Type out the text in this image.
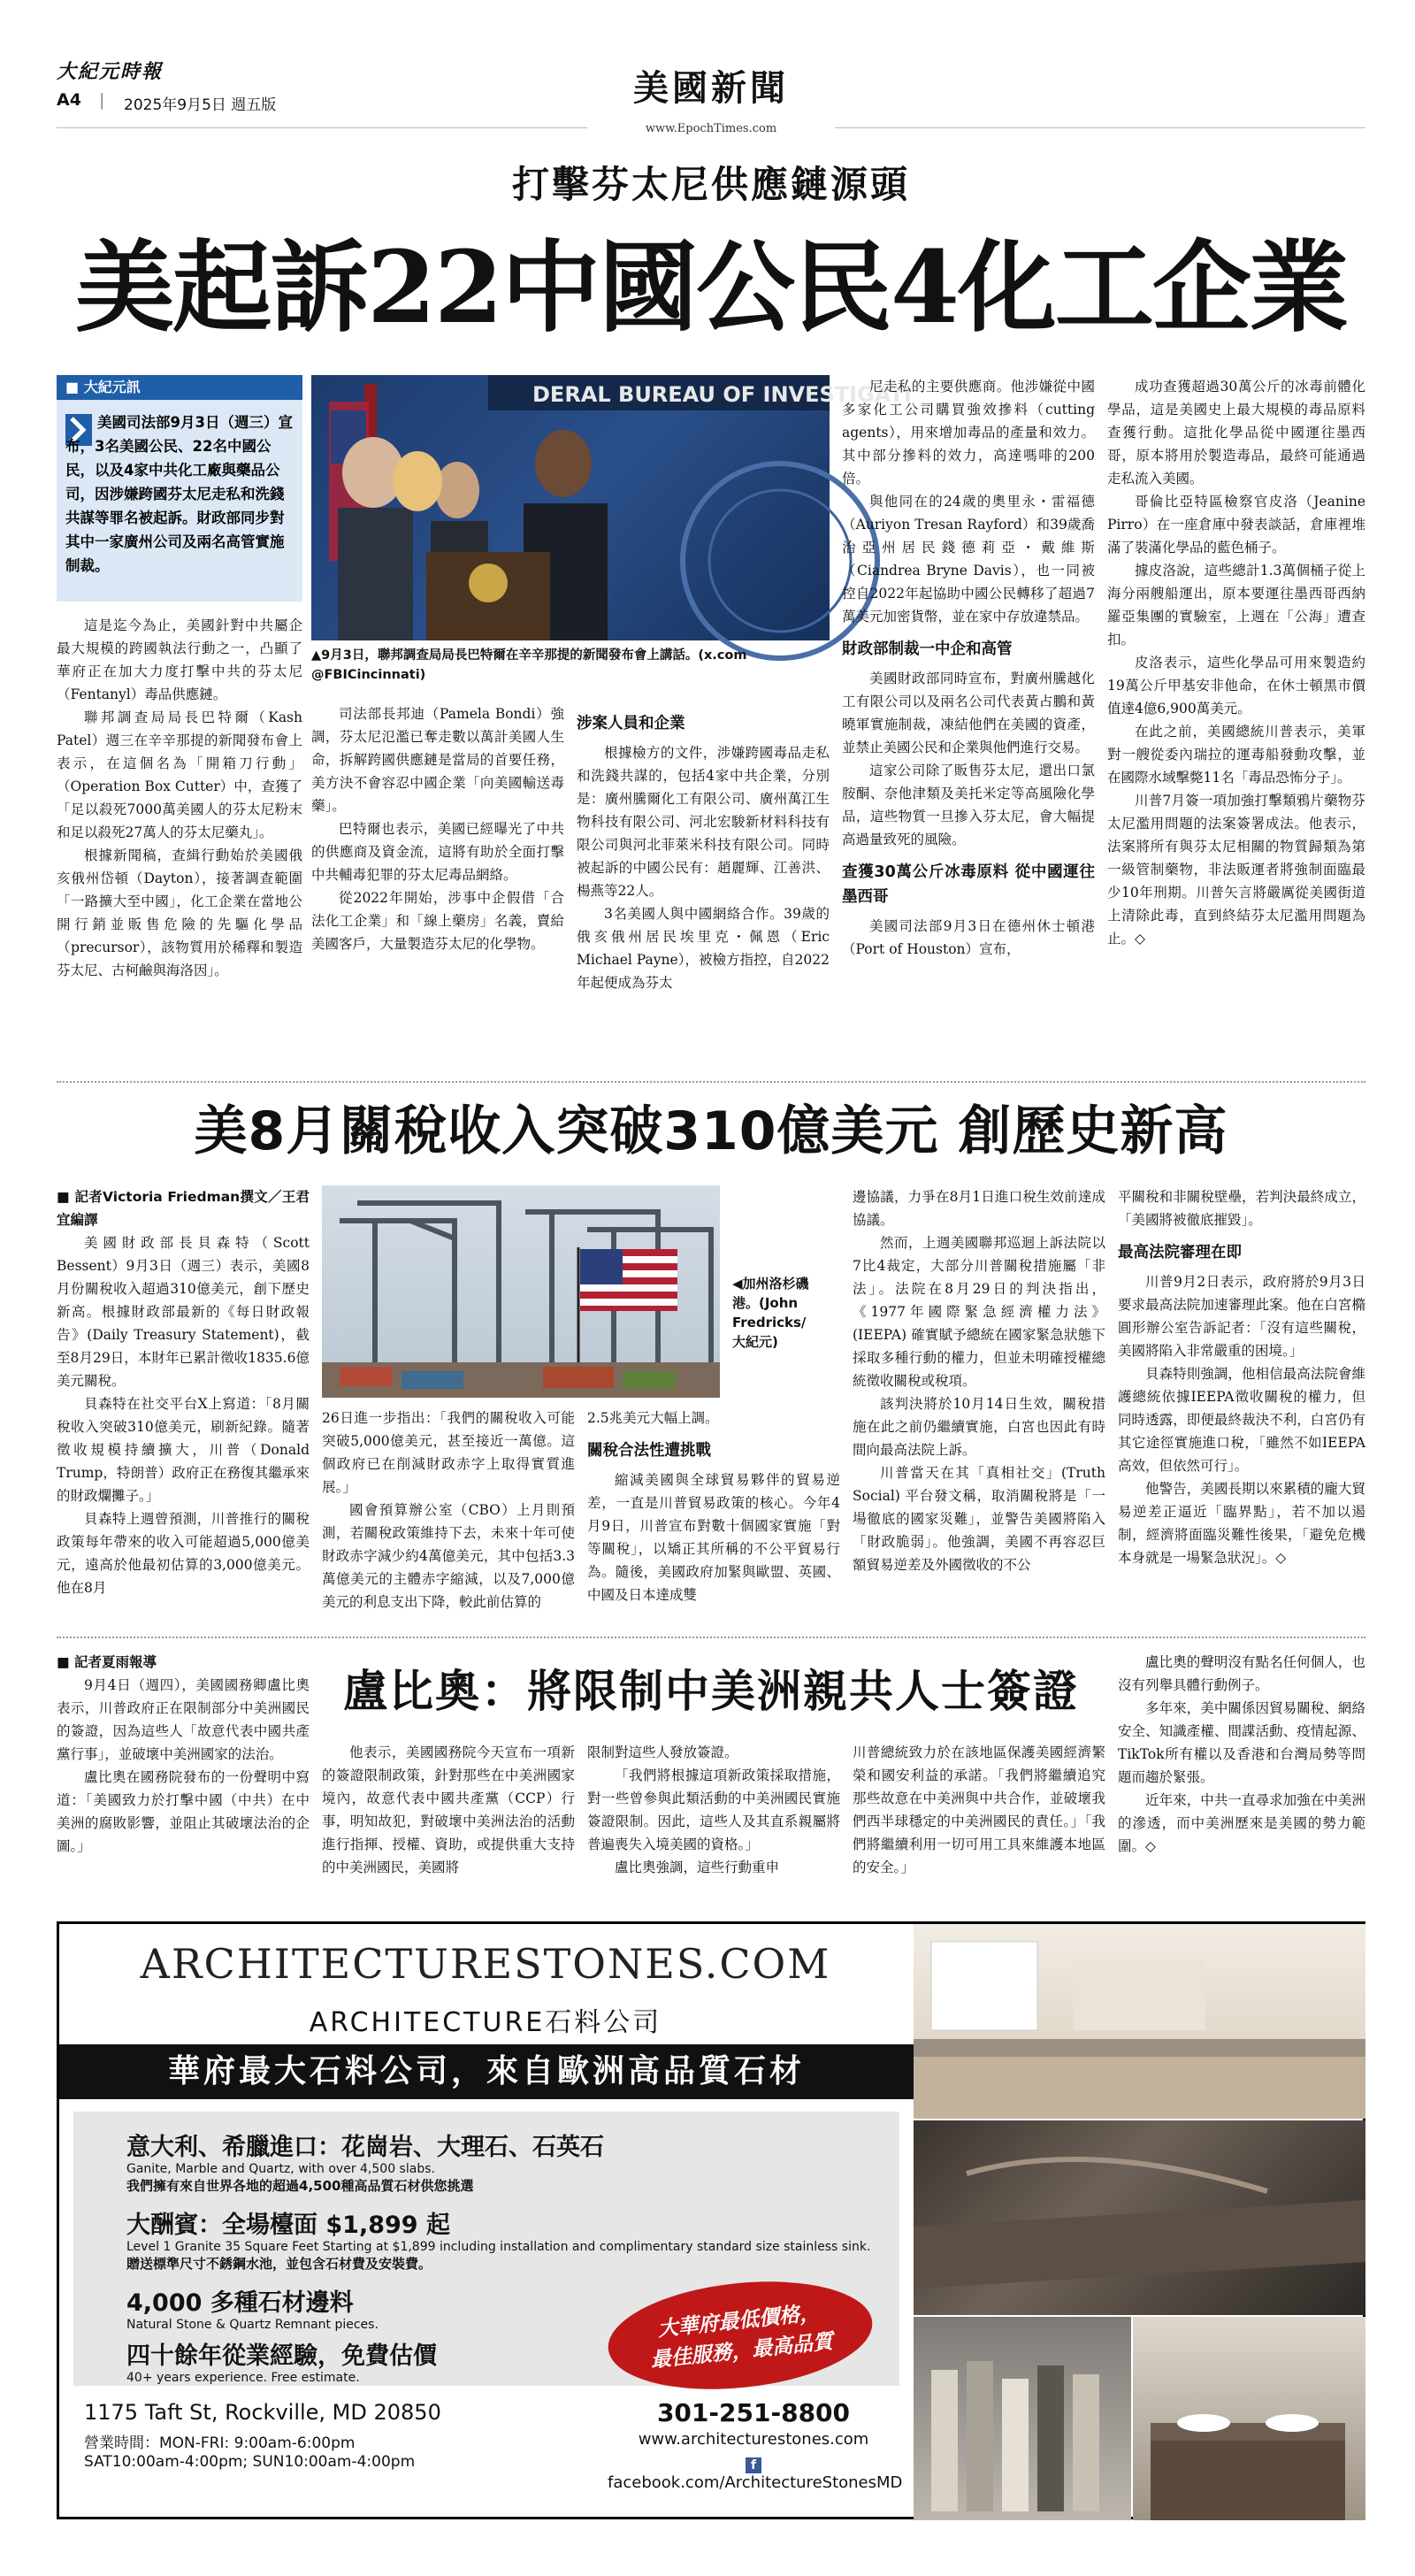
大紀元時報
A4 | 2025年9月5日 週五版	美國新聞
www.EpochTimes.com
打擊芬太尼供應鏈源頭
美起訴22中國公民4化工企業
■ 大紀元訊
美國司法部9月3日（週三）宣布，3名美國公民、22名中國公民，以及4家中共化工廠與藥品公司，因涉嫌跨國芬太尼走私和洗錢共謀等罪名被起訴。財政部同步對其中一家廣州公司及兩名高管實施制裁。
DERAL BUREAU OF INVESTIGATI
▲9月3日，聯邦調查局局長巴特爾在辛辛那提的新聞發布會上講話。(x.com @FBICincinnati)

這是迄今為止，美國針對中共屬企最大規模的跨國執法行動之一，凸顯了華府正在加大力度打擊中共的芬太尼（Fentanyl）毒品供應鏈。

聯邦調查局局長巴特爾（Kash Patel）週三在辛辛那提的新聞發布會上表示，在這個名為「開箱刀行動」（Operation Box Cutter）中，查獲了「足以殺死7000萬美國人的芬太尼粉末和足以殺死27萬人的芬太尼藥丸」。

根據新聞稿，查緝行動始於美國俄亥俄州岱頓（Dayton），接著調查範圍「一路擴大至中國」，化工企業在當地公開行銷並販售危險的先驅化學品（precursor），該物質用於稀釋和製造芬太尼、古柯鹼與海洛因」。

司法部長邦迪（Pamela Bondi）強調，芬太尼氾濫已奪走數以萬計美國人生命，拆解跨國供應鏈是當局的首要任務，美方決不會容忍中國企業「向美國輸送毒藥」。

巴特爾也表示，美國已經曝光了中共的供應商及資金流，這將有助於全面打擊中共輔毒犯罪的芬太尼毒品網絡。

從2022年開始，涉事中企假借「合法化工企業」和「線上藥房」名義，賣給美國客戶，大量製造芬太尼的化學物。

涉案人員和企業

根據檢方的文件，涉嫌跨國毒品走私和洗錢共謀的，包括4家中共企業，分別是：廣州騰爾化工有限公司、廣州萬江生物科技有限公司、河北宏駿新材料科技有限公司與河北菲萊米科技有限公司。同時被起訴的中國公民有：趙麗輝、江善洪、楊燕等22人。

3名美國人與中國網絡合作。39歲的俄亥俄州居民埃里克・佩恩（Eric Michael Payne），被檢方指控，自2022年起便成為芬太

尼走私的主要供應商。他涉嫌從中國多家化工公司購買強效摻料（cutting agents），用來增加毒品的產量和效力。其中部分摻料的效力，高達嗎啡的200倍。

與他同在的24歲的奧里永・雷福德（Auriyon Tresan Rayford）和39歲喬治亞州居民錢德莉亞・戴維斯（Ciandrea Bryne Davis），也一同被控自2022年起協助中國公民轉移了超過7萬美元加密貨幣，並在家中存放違禁品。

財政部制裁一中企和高管

美國財政部同時宣布，對廣州騰越化工有限公司以及兩名公司代表黃占鵬和黃曉軍實施制裁，凍結他們在美國的資產，並禁止美國公民和企業與他們進行交易。

這家公司除了販售芬太尼，還出口氯胺酮、奈他津類及美托米定等高風險化學品，這些物質一旦摻入芬太尼，會大幅提高過量致死的風險。

查獲30萬公斤冰毒原料 從中國運往墨西哥

美國司法部9月3日在德州休士頓港（Port of Houston）宣布，

成功查獲超過30萬公斤的冰毒前體化學品，這是美國史上最大規模的毒品原料查獲行動。這批化學品從中國運往墨西哥，原本將用於製造毒品，最終可能通過走私流入美國。

哥倫比亞特區檢察官皮洛（Jeanine Pirro）在一座倉庫中發表談話，倉庫裡堆滿了裝滿化學品的藍色桶子。

據皮洛說，這些總計1.3萬個桶子從上海分兩艘船運出，原本要運往墨西哥西納羅亞集團的實驗室，上週在「公海」遭查扣。

皮洛表示，這些化學品可用來製造約19萬公斤甲基安非他命，在休士頓黑市價值達4億6,900萬美元。

在此之前，美國總統川普表示，美軍對一艘從委內瑞拉的運毒船發動攻擊，並在國際水域擊斃11名「毒品恐怖分子」。

川普7月簽一項加強打擊類鴉片藥物芬太尼濫用問題的法案簽署成法。他表示，法案將所有與芬太尼相關的物質歸類為第一級管制藥物，非法販運者將強制面臨最少10年刑期。川普矢言將嚴厲從美國街道上清除此毒，直到終結芬太尼濫用問題為止。◇

美8月關稅收入突破310億美元 創歷史新高
■ 記者Victoria Friedman撰文／王君宜編譯

美國財政部長貝森特（Scott Bessent）9月3日（週三）表示，美國8月份關稅收入超過310億美元，創下歷史新高。根據財政部最新的《每日財政報告》(Daily Treasury Statement)，截至8月29日，本財年已累計徵收1835.6億美元關稅。

貝森特在社交平台X上寫道：「8月關稅收入突破310億美元，刷新紀錄。隨著徵收規模持續擴大，川普（Donald Trump，特朗普）政府正在務復其繼承來的財政爛攤子。」

貝森特上週曾預測，川普推行的關稅政策每年帶來的收入可能超過5,000億美元，遠高於他最初估算的3,000億美元。他在8月

◀加州洛杉磯港。(John Fredricks/大紀元)

26日進一步指出：「我們的關稅收入可能突破5,000億美元，甚至接近一萬億。這個政府已在削減財政赤字上取得實質進展。」

國會預算辦公室（CBO）上月則預測，若關稅政策維持下去，未來十年可使財政赤字減少約4萬億美元，其中包括3.3萬億美元的主體赤字縮減，以及7,000億美元的利息支出下降，較此前估算的

2.5兆美元大幅上調。

關稅合法性遭挑戰

縮減美國與全球貿易夥伴的貿易逆差，一直是川普貿易政策的核心。今年4月9日，川普宣布對數十個國家實施「對等關稅」，以矯正其所稱的不公平貿易行為。隨後，美國政府加緊與歐盟、英國、中國及日本達成雙

邊協議，力爭在8月1日進口稅生效前達成協議。

然而，上週美國聯邦巡迴上訴法院以7比4裁定，大部分川普關稅措施屬「非法」。法院在8月29日的判決指出，《1977年國際緊急經濟權力法》(IEEPA) 確實賦予總統在國家緊急狀態下採取多種行動的權力，但並未明確授權總統徵收關稅或稅項。

該判決將於10月14日生效，關稅措施在此之前仍繼續實施，白宮也因此有時間向最高法院上訴。

川普當天在其「真相社交」(Truth Social) 平台發文稱，取消關稅將是「一場徹底的國家災難」，並警告美國將陷入「財政脆弱」。他強調，美國不再容忍巨額貿易逆差及外國徵收的不公

平關稅和非關稅壁壘，若判決最終成立，「美國將被徹底摧毀」。

最高法院審理在即

川普9月2日表示，政府將於9月3日要求最高法院加速審理此案。他在白宮橢圓形辦公室告訴記者：「沒有這些關稅，美國將陷入非常嚴重的困境。」

貝森特則強調，他相信最高法院會維護總統依據IEEPA徵收關稅的權力，但同時透露，即便最終裁決不利，白宮仍有其它途徑實施進口稅，「雖然不如IEEPA高效，但依然可行」。

他警告，美國長期以來累積的龐大貿易逆差正逼近「臨界點」，若不加以遏制，經濟將面臨災難性後果，「避免危機本身就是一場緊急狀況」。◇

■ 記者夏雨報導

9月4日（週四），美國國務卿盧比奧表示，川普政府正在限制部分中美洲國民的簽證，因為這些人「故意代表中國共產黨行事」，並破壞中美洲國家的法治。

盧比奧在國務院發布的一份聲明中寫道：「美國致力於打擊中國（中共）在中美洲的腐敗影響，並阻止其破壞法治的企圖。」

盧比奧：將限制中美洲親共人士簽證

他表示，美國國務院今天宣布一項新的簽證限制政策，針對那些在中美洲國家境內，故意代表中國共產黨（CCP）行事，明知故犯，對破壞中美洲法治的活動進行指揮、授權、資助，或提供重大支持的中美洲國民，美國將

限制對這些人發放簽證。

「我們將根據這項新政策採取措施，對一些曾參與此類活動的中美洲國民實施簽證限制。因此，這些人及其直系親屬將普遍喪失入境美國的資格。」

盧比奧強調，這些行動重申

川普總統致力於在該地區保護美國經濟繁榮和國安利益的承諾。「我們將繼續追究那些故意在中美洲與中共合作，並破壞我們西半球穩定的中美洲國民的責任。」「我們將繼續利用一切可用工具來維護本地區的安全。」

盧比奧的聲明沒有點名任何個人，也沒有列舉具體行動例子。

多年來，美中關係因貿易關稅、網絡安全、知識產權、間諜活動、疫情起源、TikTok所有權以及香港和台灣局勢等問題而趨於緊張。

近年來，中共一直尋求加強在中美洲的滲透，而中美洲歷來是美國的勢力範圍。◇

ARCHITECTURESTONES.COM
ARCHITECTURE石料公司
華府最大石料公司，來自歐洲高品質石材
意大利、希臘進口：花崗岩、大理石、石英石
Ganite, Marble and Quartz, with over 4,500 slabs.
我們擁有來自世界各地的超過4,500種高品質石材供您挑選
大酬賓：全場檯面 $1,899 起
Level 1 Granite 35 Square Feet Starting at $1,899 including installation and complimentary standard size stainless sink.
贈送標準尺寸不銹鋼水池，並包含石材費及安裝費。
4,000 多種石材邊料
Natural Stone & Quartz Remnant pieces.
四十餘年從業經驗，免費估價
40+ years experience. Free estimate.
大華府最低價格，
最佳服務，最高品質
1175 Taft St, Rockville, MD 20850
營業時間：MON-FRI: 9:00am-6:00pm
SAT10:00am-4:00pm; SUN10:00am-4:00pm
301-251-8800
www.architecturestones.com
f facebook.com/ArchitectureStonesMD
